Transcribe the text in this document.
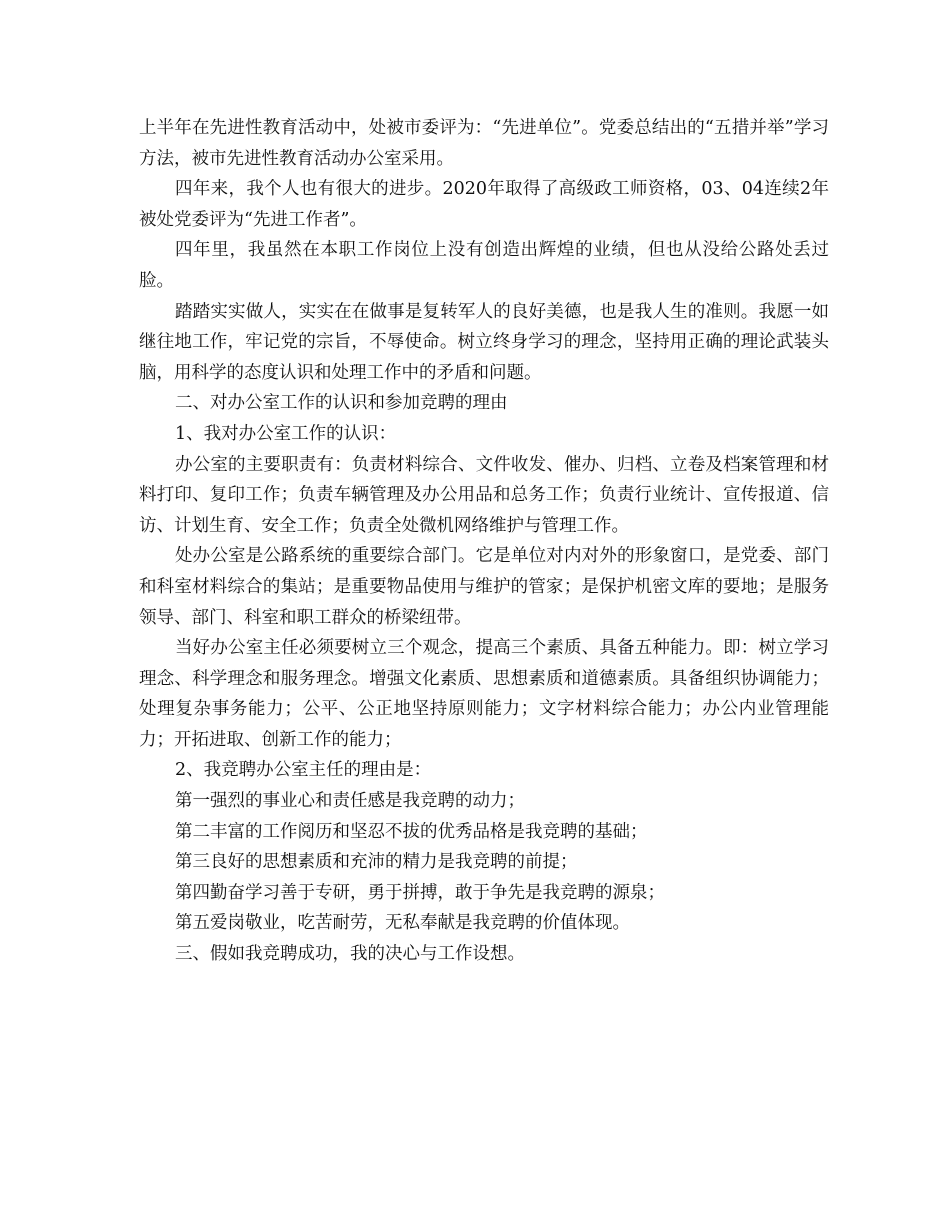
上半年在先进性教育活动中，处被市委评为：“先进单位”。党委总结出的“五措并举”学习方法，被市先进性教育活动办公室采用。

四年来，我个人也有很大的进步。2020年取得了高级政工师资格，03、04连续2年被处党委评为“先进工作者”。

四年里，我虽然在本职工作岗位上没有创造出辉煌的业绩，但也从没给公路处丢过脸。

踏踏实实做人，实实在在做事是复转军人的良好美德，也是我人生的准则。我愿一如继往地工作，牢记党的宗旨，不辱使命。树立终身学习的理念，坚持用正确的理论武装头脑，用科学的态度认识和处理工作中的矛盾和问题。

二、对办公室工作的认识和参加竞聘的理由

1、我对办公室工作的认识：

办公室的主要职责有：负责材料综合、文件收发、催办、归档、立卷及档案管理和材料打印、复印工作；负责车辆管理及办公用品和总务工作；负责行业统计、宣传报道、信访、计划生育、安全工作；负责全处微机网络维护与管理工作。

处办公室是公路系统的重要综合部门。它是单位对内对外的形象窗口，是党委、部门和科室材料综合的集站；是重要物品使用与维护的管家；是保护机密文库的要地；是服务领导、部门、科室和职工群众的桥梁纽带。

当好办公室主任必须要树立三个观念，提高三个素质、具备五种能力。即：树立学习理念、科学理念和服务理念。增强文化素质、思想素质和道德素质。具备组织协调能力；处理复杂事务能力；公平、公正地坚持原则能力；文字材料综合能力；办公内业管理能力；开拓进取、创新工作的能力；

2、我竞聘办公室主任的理由是：

第一强烈的事业心和责任感是我竞聘的动力；

第二丰富的工作阅历和坚忍不拔的优秀品格是我竞聘的基础；

第三良好的思想素质和充沛的精力是我竞聘的前提；

第四勤奋学习善于专研，勇于拼搏，敢于争先是我竞聘的源泉；

第五爱岗敬业，吃苦耐劳，无私奉献是我竞聘的价值体现。

三、假如我竞聘成功，我的决心与工作设想。
